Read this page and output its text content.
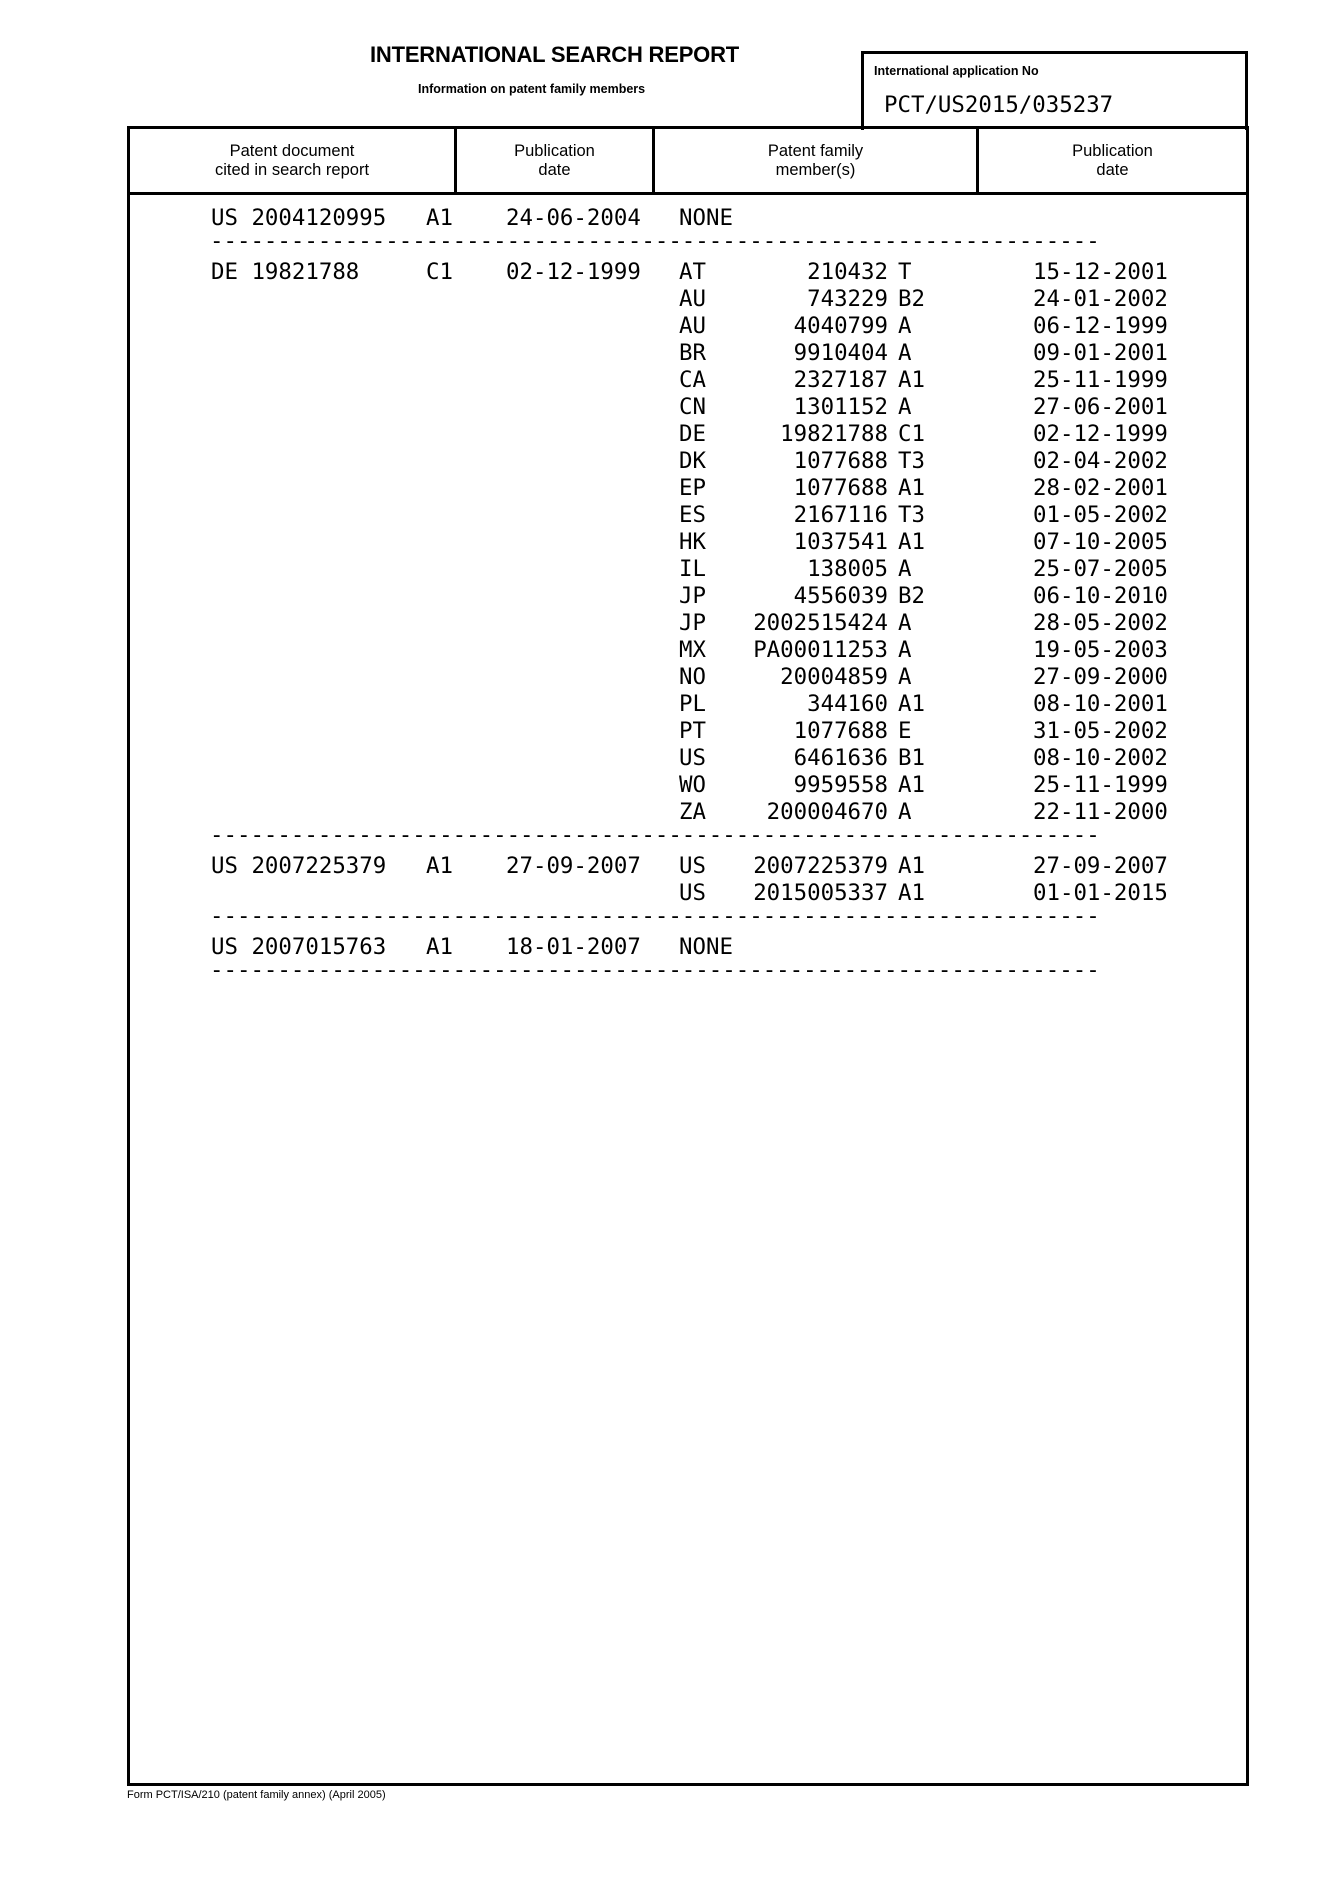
INTERNATIONAL SEARCH REPORT
Information on patent family members
International application No
PCT/US2015/035237
Patent document
cited in search report
Publication
date
Patent family
member(s)
Publication
date
US 2004120995 A1 24-06-2004 NONE
------------------------------------------------------------------
DE 19821788	C1 02-12-1999 AT	210432 T	15-12-2001
AU	743229 B2	24-01-2002
AU	4040799 A	06-12-1999
BR	9910404 A	09-01-2001
CA	2327187 A1	25-11-1999
CN	1301152 A	27-06-2001
DE	19821788 C1	02-12-1999
DK	1077688 T3	02-04-2002
EP	1077688 A1	28-02-2001
ES	2167116 T3	01-05-2002
HK	1037541 A1	07-10-2005
IL	138005 A	25-07-2005
JP	4556039 B2	06-10-2010
JP 2002515424 A	28-05-2002
MX PA00011253 A	19-05-2003
NO	20004859 A	27-09-2000
PL	344160 A1	08-10-2001
PT	1077688 E	31-05-2002
US	6461636 B1	08-10-2002
WO	9959558 A1	25-11-1999
ZA	200004670 A	22-11-2000
------------------------------------------------------------------
US 2007225379 A1 27-09-2007 US 2007225379 A1	27-09-2007
US 2015005337 A1	01-01-2015
------------------------------------------------------------------
US 2007015763 A1 18-01-2007 NONE
------------------------------------------------------------------
Form PCT/ISA/210 (patent family annex) (April 2005)
